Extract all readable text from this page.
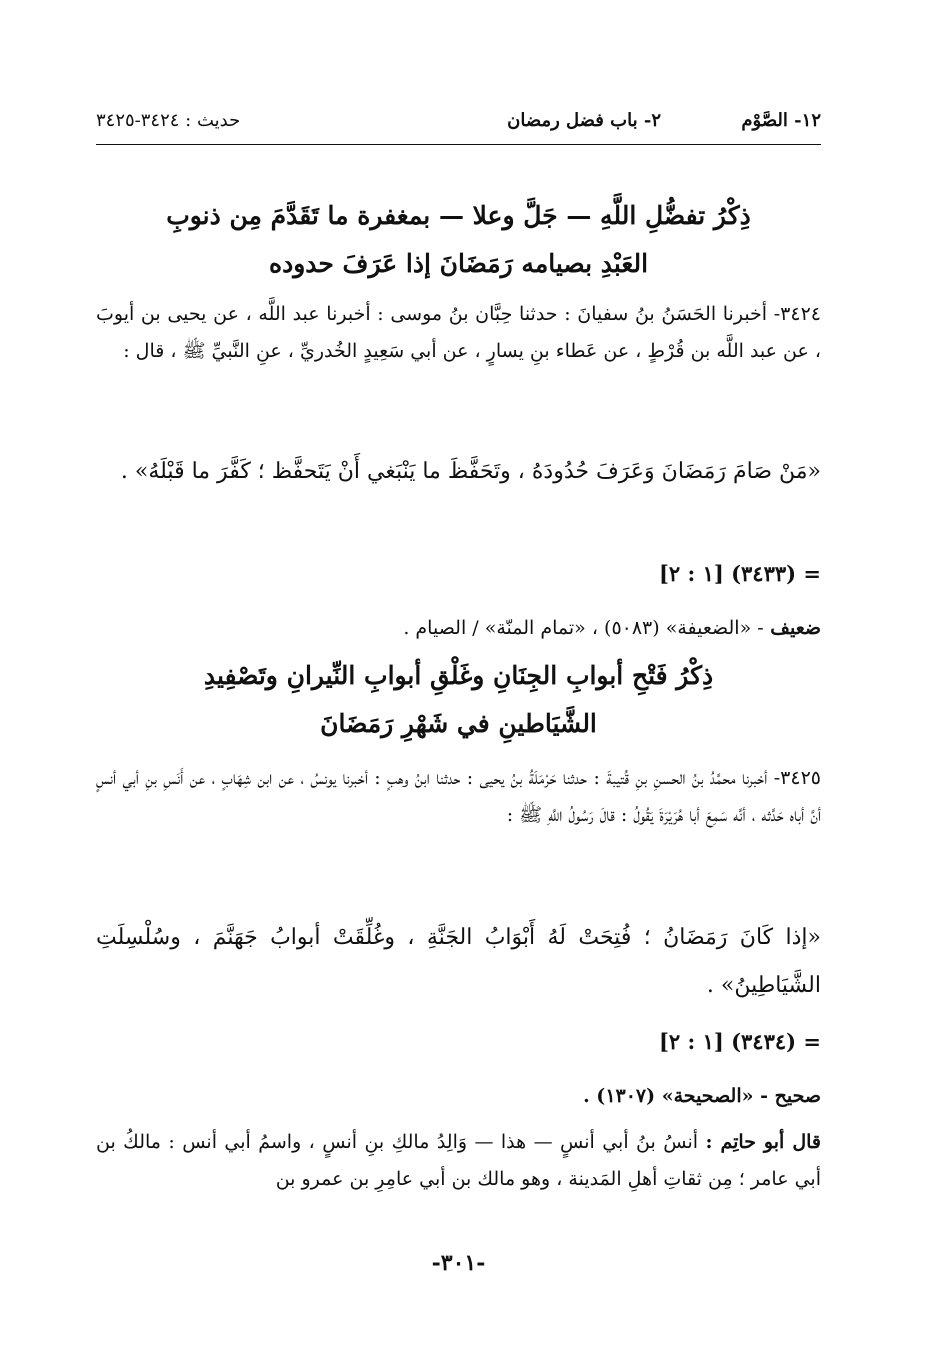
١٢- الصَّوْم
٢- باب فضل رمضان
حديث : ٣٤٢٤-٣٤٢٥
ذِكْرُ تفضُّلِ اللَّهِ — جَلَّ وعلا — بمغفرة ما تَقَدَّمَ مِن ذنوبِ
العَبْدِ بصيامه رَمَضَانَ إذا عَرَفَ حدوده
٣٤٢٤- أخبرنا الحَسَنُ بنُ سفيانَ : حدثنا حِبَّان بنُ موسى : أخبرنا عبد اللَّه ، عن يحيى بن أيوبَ ، عن عبد اللَّه بن قُرْطٍ ، عن عَطاء بنِ يسارٍ ، عن أبي سَعِيدٍ الخُدريِّ ، عنِ النَّبيِّ ﷺ ، قال :
«مَنْ صَامَ رَمَضَانَ وَعَرَفَ حُدُودَهُ ، وتَحَفَّظَ ما يَنْبَغي أَنْ يَتَحفَّظ ؛ كَفَّرَ ما قَبْلَهُ» .
= (٣٤٣٣) [١ : ٢]
ضعيف - «الضعيفة» (٥٠٨٣) ، «تمام المنّة» / الصيام .
ذِكْرُ فَتْحِ أبوابِ الجِنَانِ وغَلْقِ أبوابِ النِّيرانِ وتَصْفِيدِ
الشَّيَاطينِ في شَهْرِ رَمَضَانَ
٣٤٢٥- أخبرنا محمَّدُ بنُ الحسنِ بنِ قُتيبةَ : حدثنا حَرْمَلَةُ بنُ يحيى : حدثنا ابنُ وهبٍ : أخبرنا يونسُ ، عن ابن شِهَابٍ ، عن أَنَسِ بنِ أبي أنسٍ أنَّ أباه حَدَّثه ، أنَّه سَمِعَ أبا هُرَيْرَةَ يَقُولُ : قالَ رَسُولُ اللَّهِ ﷺ :
«إذا كَانَ رَمَضَانُ ؛ فُتِحَتْ لَهُ أَبْوَابُ الجَنَّةِ ، وغُلِّقَتْ أبوابُ جَهَنَّمَ ، وسُلْسِلَتِ الشَّيَاطِينُ» .
= (٣٤٣٤) [١ : ٢]
صحيح - «الصحيحة» (١٣٠٧) .
قال أبو حاتِم : أنسُ بنُ أبي أنسٍ — هذا — وَالِدُ مالكِ بنِ أنسٍ ، واسمُ أبي أنس : مالكُ بن أبي عامر ؛ مِن ثقاتِ أهلِ المَدينة ، وهو مالك بن أبي عامِرِ بن عمرو بن
-٣٠١-
